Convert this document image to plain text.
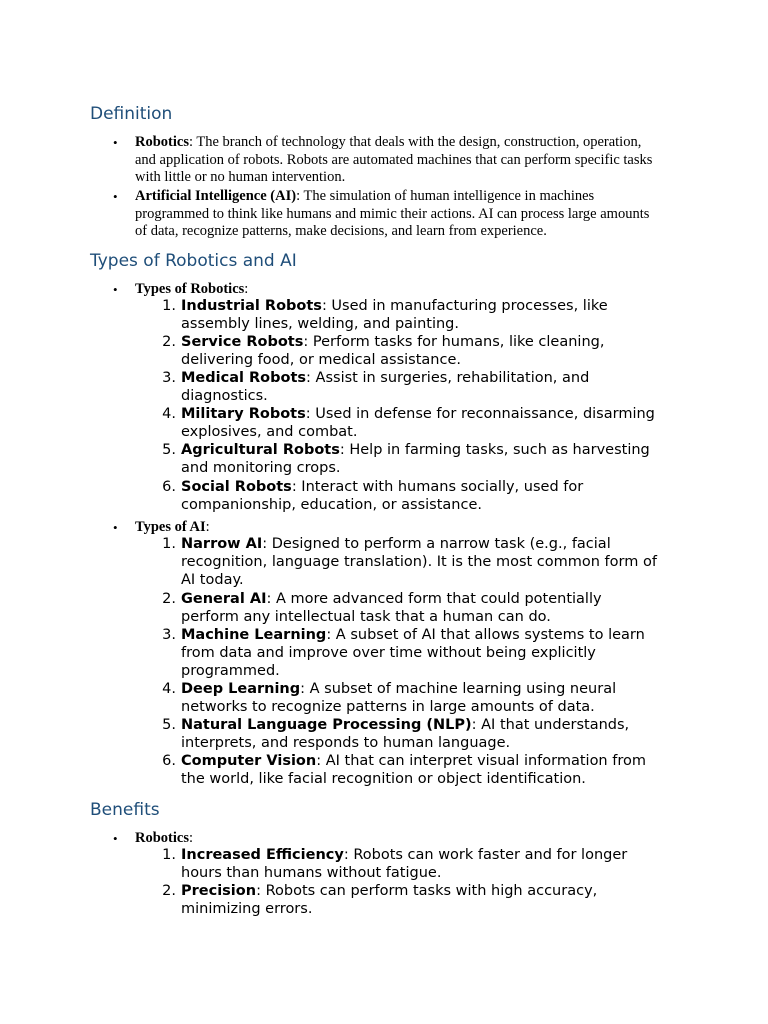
Definition
• Robotics: The branch of technology that deals with the design, construction, operation,
and application of robots. Robots are automated machines that can perform specific tasks
with little or no human intervention.
• Artificial Intelligence (AI): The simulation of human intelligence in machines
programmed to think like humans and mimic their actions. AI can process large amounts
of data, recognize patterns, make decisions, and learn from experience.
Types of Robotics and AI
• Types of Robotics:
1. Industrial Robots: Used in manufacturing processes, like
assembly lines, welding, and painting.
2. Service Robots: Perform tasks for humans, like cleaning,
delivering food, or medical assistance.
3. Medical Robots: Assist in surgeries, rehabilitation, and
diagnostics.
4. Military Robots: Used in defense for reconnaissance, disarming
explosives, and combat.
5. Agricultural Robots: Help in farming tasks, such as harvesting
and monitoring crops.
6. Social Robots: Interact with humans socially, used for
companionship, education, or assistance.
• Types of AI:
1. Narrow AI: Designed to perform a narrow task (e.g., facial
recognition, language translation). It is the most common form of
AI today.
2. General AI: A more advanced form that could potentially
perform any intellectual task that a human can do.
3. Machine Learning: A subset of AI that allows systems to learn
from data and improve over time without being explicitly
programmed.
4. Deep Learning: A subset of machine learning using neural
networks to recognize patterns in large amounts of data.
5. Natural Language Processing (NLP): AI that understands,
interprets, and responds to human language.
6. Computer Vision: AI that can interpret visual information from
the world, like facial recognition or object identification.
Benefits
• Robotics:
1. Increased Efficiency: Robots can work faster and for longer
hours than humans without fatigue.
2. Precision: Robots can perform tasks with high accuracy,
minimizing errors.
